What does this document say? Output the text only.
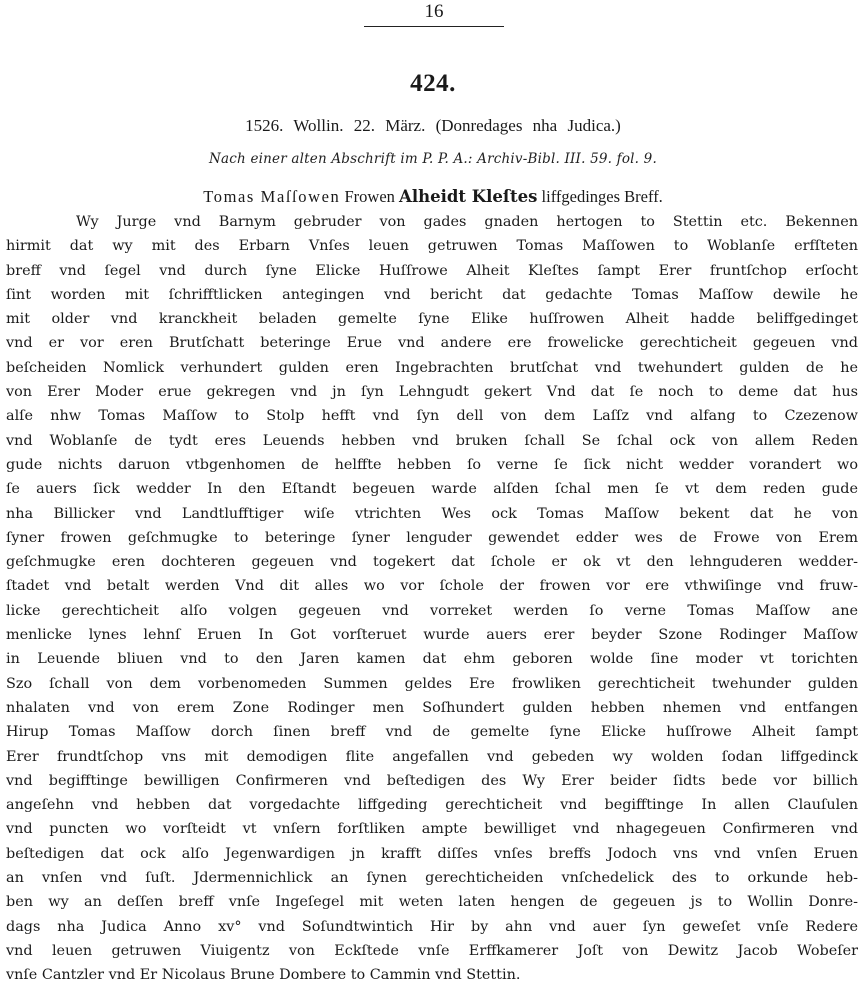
16
424.
1526. Wollin. 22. März. (Donredages nha Judica.)
Nach einer alten Abschrift im P. P. A.: Archiv-Bibl. III. 59. fol. 9.
Tomas Maſſowen Frowen Alheidt Kleſtes liffgedinges Breff.
Wy Jurge vnd Barnym gebruder von gades gnaden hertogen to Stettin etc. Bekennen
hirmit dat wy mit des Erbarn Vnſes leuen getruwen Tomas Maſſowen to Woblanſe erfſteten
breff vnd ſegel vnd durch ſyne Elicke Huſſrowe Alheit Kleſtes ſampt Erer fruntſchop erſocht
ſint worden mit ſchrifftlicken antegingen vnd bericht dat gedachte Tomas Maſſow dewile he
mit older vnd kranckheit beladen gemelte ſyne Elike huſſrowen Alheit hadde beliffgedinget
vnd er vor eren Brutſchatt beteringe Erue vnd andere ere frowelicke gerechticheit gegeuen vnd
beſcheiden Nomlick verhundert gulden eren Ingebrachten brutſchat vnd twehundert gulden de he
von Erer Moder erue gekregen vnd jn ſyn Lehngudt gekert Vnd dat ſe noch to deme dat hus
alſe nhw Tomas Maſſow to Stolp hefft vnd ſyn dell von dem Laſſz vnd alfang to Czezenow
vnd Woblanſe de tydt eres Leuends hebben vnd bruken ſchall Se ſchal ock von allem Reden
gude nichts daruon vtbgenhomen de helffte hebben ſo verne ſe ſick nicht wedder vorandert wo
ſe auers ſick wedder In den Eſtandt begeuen warde alſden ſchal men ſe vt dem reden gude
nha Billicker vnd Landtlufftiger wiſe vtrichten Wes ock Tomas Maſſow bekent dat he von
ſyner frowen geſchmugke to beteringe ſyner lenguder gewendet edder wes de Frowe von Erem
geſchmugke eren dochteren gegeuen vnd togekert dat ſchole er ok vt den lehnguderen wedder-
ſtadet vnd betalt werden Vnd dit alles wo vor ſchole der frowen vor ere vthwiſinge vnd fruw-
licke gerechticheit alſo volgen gegeuen vnd vorreket werden ſo verne Tomas Maſſow ane
menlicke lynes lehnſ Eruen In Got vorſteruet wurde auers erer beyder Szone Rodinger Maſſow
in Leuende bliuen vnd to den Jaren kamen dat ehm geboren wolde ſine moder vt torichten
Szo ſchall von dem vorbenomeden Summen geldes Ere frowliken gerechticheit twehunder gulden
nhalaten vnd von erem Zone Rodinger men Soſhundert gulden hebben nhemen vnd entfangen
Hirup Tomas Maſſow dorch ſinen breff vnd de gemelte ſyne Elicke huſſrowe Alheit ſampt
Erer frundtſchop vns mit demodigen flite angefallen vnd gebeden wy wolden ſodan liffgedinck
vnd begifftinge bewilligen Confirmeren vnd beſtedigen des Wy Erer beider ſidts bede vor billich
angeſehn vnd hebben dat vorgedachte liffgeding gerechticheit vnd begifftinge In allen Clauſulen
vnd puncten wo vorſteidt vt vnſern forſtliken ampte bewilliget vnd nhagegeuen Confirmeren vnd
beſtedigen dat ock alſo Jegenwardigen jn krafft diſſes vnſes breffs Jodoch vns vnd vnſen Eruen
an vnſen vnd ſuſt. Jdermennichlick an ſynen gerechticheiden vnſchedelick des to orkunde heb-
ben wy an deſſen breff vnſe Ingeſegel mit weten laten hengen de gegeuen js to Wollin Donre-
dags nha Judica Anno xv° vnd Soſundtwintich Hir by ahn vnd auer ſyn geweſet vnſe Redere
vnd leuen getruwen Viuigentz von Eckſtede vnſe Erffkamerer Joſt von Dewitz Jacob Wobeſer
vnſe Cantzler vnd Er Nicolaus Brune Dombere to Cammin vnd Stettin.
